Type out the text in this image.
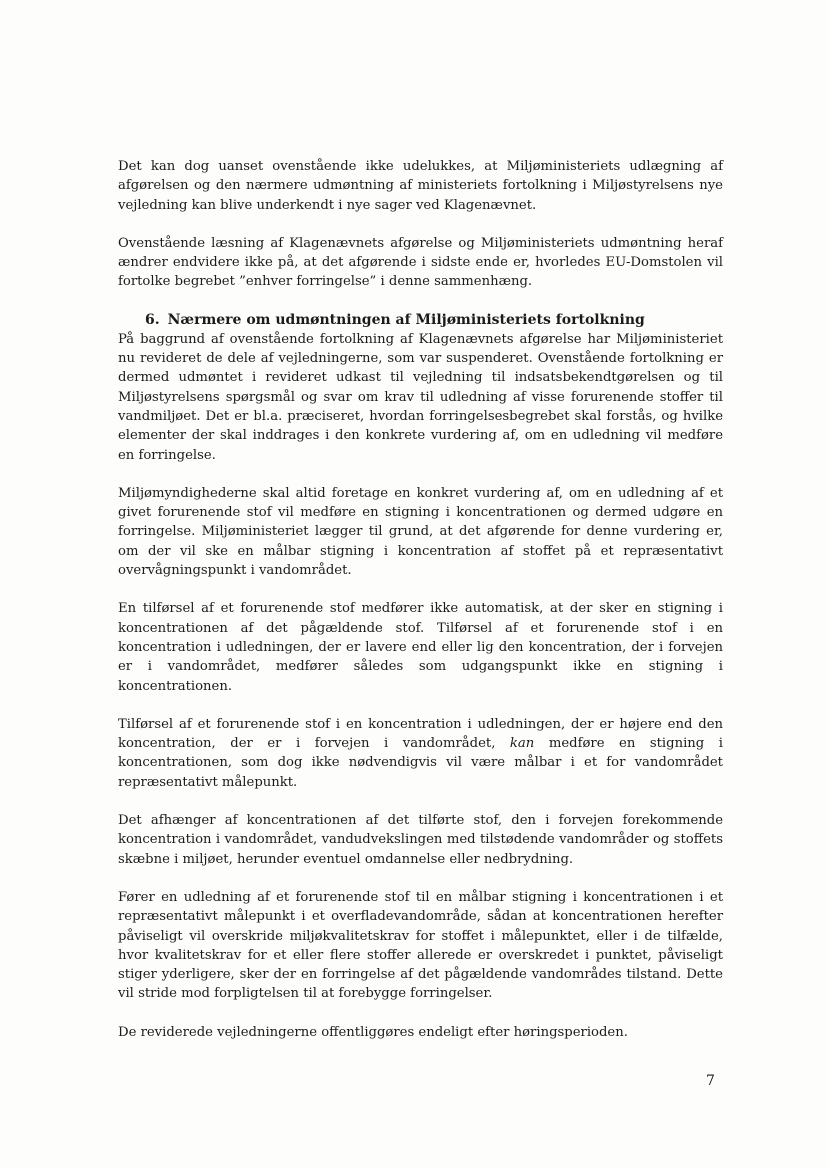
Det kan dog uanset ovenstående ikke udelukkes, at Miljøministeriets udlægning af afgørelsen og den nærmere udmøntning af ministeriets fortolkning i Miljøstyrelsens nye vejledning kan blive underkendt i nye sager ved Klagenævnet.

Ovenstående læsning af Klagenævnets afgørelse og Miljøministeriets udmøntning heraf ændrer endvidere ikke på, at det afgørende i sidste ende er, hvorledes EU-Domstolen vil fortolke begrebet ”enhver forringelse” i denne sammenhæng.

6. Nærmere om udmøntningen af Miljøministeriets fortolkning

På baggrund af ovenstående fortolkning af Klagenævnets afgørelse har Miljøministeriet nu revideret de dele af vejledningerne, som var suspenderet. Ovenstående fortolkning er dermed udmøntet i revideret udkast til vejledning til indsatsbekendtgørelsen og til Miljøstyrelsens spørgsmål og svar om krav til udledning af visse forurenende stoffer til vandmiljøet. Det er bl.a. præciseret, hvordan forringelsesbegrebet skal forstås, og hvilke elementer der skal inddrages i den konkrete vurdering af, om en udledning vil medføre en forringelse.

Miljømyndighederne skal altid foretage en konkret vurdering af, om en udledning af et givet forurenende stof vil medføre en stigning i koncentrationen og dermed udgøre en forringelse. Miljøministeriet lægger til grund, at det afgørende for denne vurdering er, om der vil ske en målbar stigning i koncentration af stoffet på et repræsentativt overvågningspunkt i vandområdet.

En tilførsel af et forurenende stof medfører ikke automatisk, at der sker en stigning i koncentrationen af det pågældende stof. Tilførsel af et forurenende stof i en koncentration i udledningen, der er lavere end eller lig den koncentration, der i forvejen er i vandområdet, medfører således som udgangspunkt ikke en stigning i koncentrationen.

Tilførsel af et forurenende stof i en koncentration i udledningen, der er højere end den koncentration, der er i forvejen i vandområdet, kan medføre en stigning i koncentrationen, som dog ikke nødvendigvis vil være målbar i et for vandområdet repræsentativt målepunkt.

Det afhænger af koncentrationen af det tilførte stof, den i forvejen forekommende koncentration i vandområdet, vandudvekslingen med tilstødende vandområder og stoffets skæbne i miljøet, herunder eventuel omdannelse eller nedbrydning.

Fører en udledning af et forurenende stof til en målbar stigning i koncentrationen i et repræsentativt målepunkt i et overfladevandområde, sådan at koncentrationen herefter påviseligt vil overskride miljøkvalitetskrav for stoffet i målepunktet, eller i de tilfælde, hvor kvalitetskrav for et eller flere stoffer allerede er overskredet i punktet, påviseligt stiger yderligere, sker der en forringelse af det pågældende vandområdes tilstand. Dette vil stride mod forpligtelsen til at forebygge forringelser.

De reviderede vejledningerne offentliggøres endeligt efter høringsperioden.

7
